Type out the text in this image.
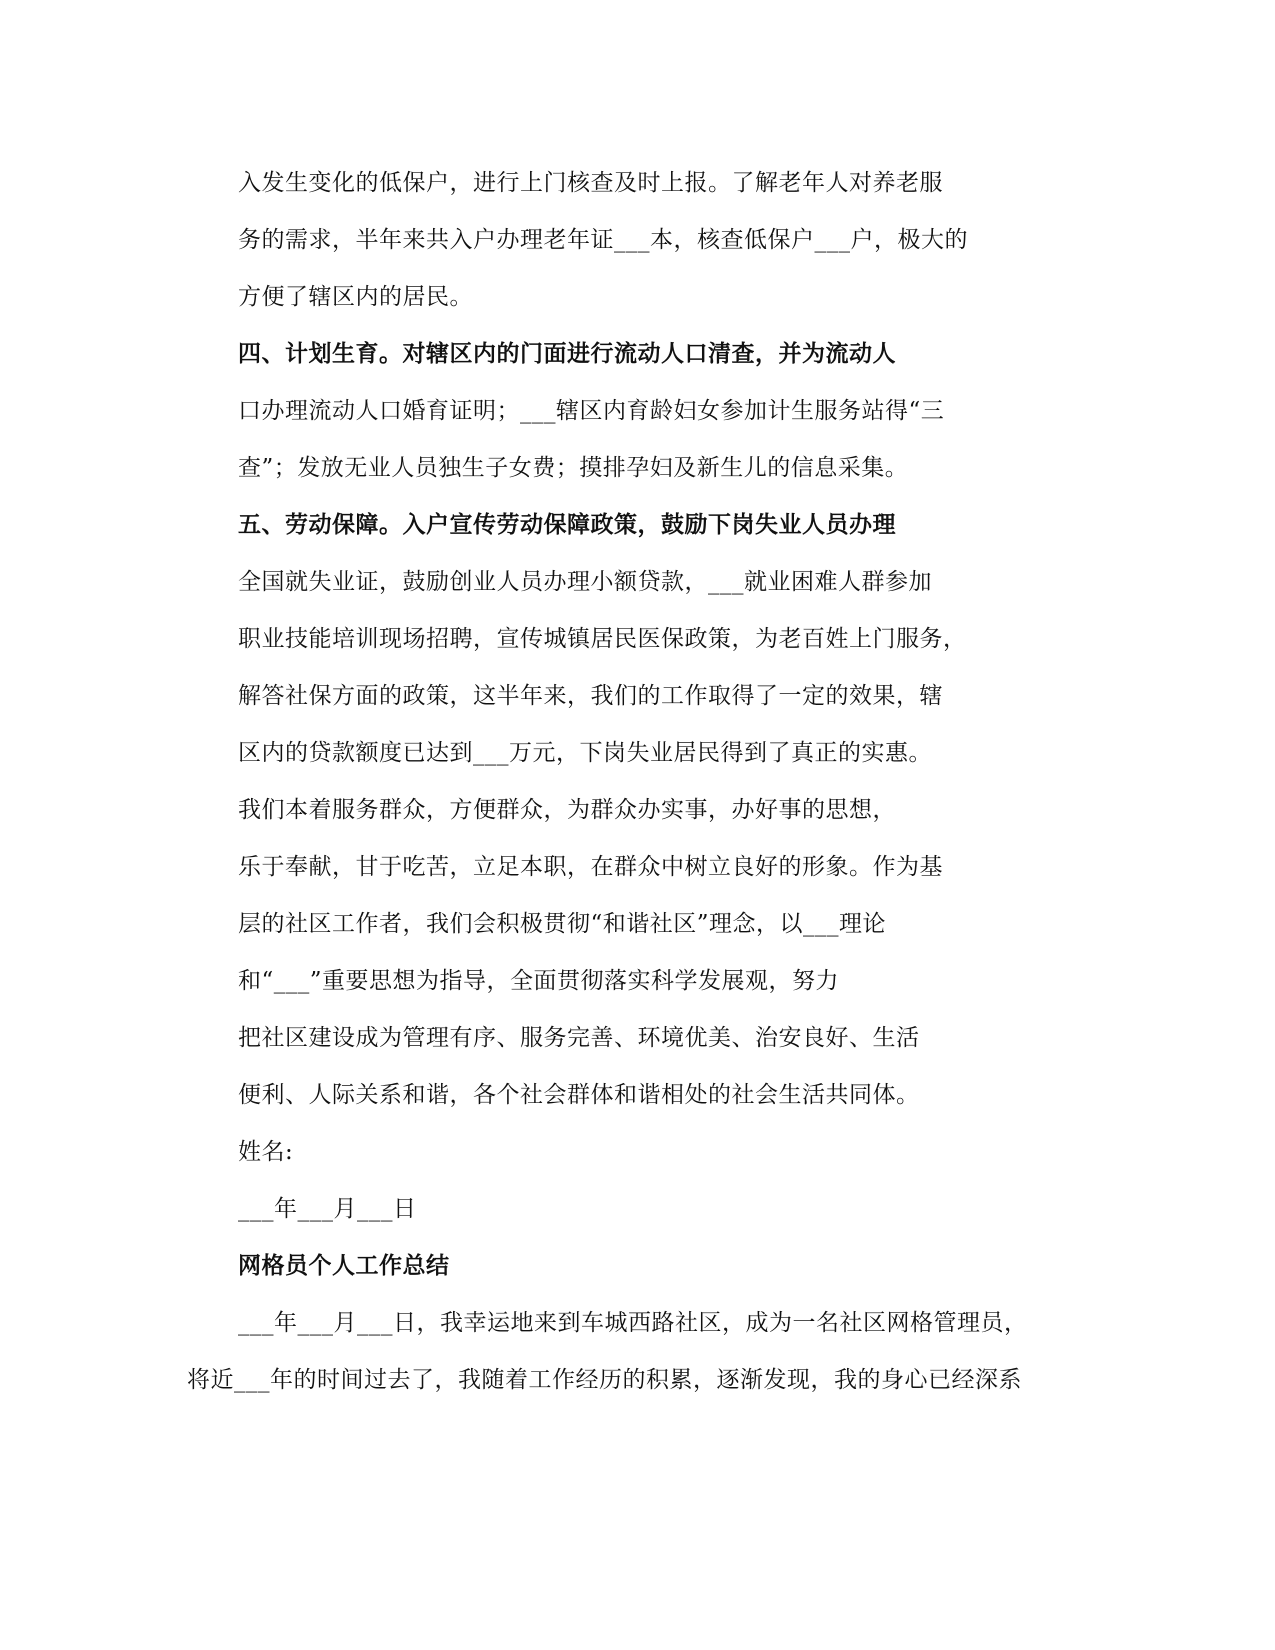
入发生变化的低保户，进行上门核查及时上报。了解老年人对养老服
务的需求，半年来共入户办理老年证___本，核查低保户___户，极大的
方便了辖区内的居民。
四、计划生育。对辖区内的门面进行流动人口清查，并为流动人
口办理流动人口婚育证明；___辖区内育龄妇女参加计生服务站得“三
查”；发放无业人员独生子女费；摸排孕妇及新生儿的信息采集。
五、劳动保障。入户宣传劳动保障政策，鼓励下岗失业人员办理
全国就失业证，鼓励创业人员办理小额贷款，___就业困难人群参加
职业技能培训现场招聘，宣传城镇居民医保政策，为老百姓上门服务，
解答社保方面的政策，这半年来，我们的工作取得了一定的效果，辖
区内的贷款额度已达到___万元，下岗失业居民得到了真正的实惠。
我们本着服务群众，方便群众，为群众办实事，办好事的思想，
乐于奉献，甘于吃苦，立足本职，在群众中树立良好的形象。作为基
层的社区工作者，我们会积极贯彻“和谐社区”理念，以___理论
和“___”重要思想为指导，全面贯彻落实科学发展观，努力
把社区建设成为管理有序、服务完善、环境优美、治安良好、生活
便利、人际关系和谐，各个社会群体和谐相处的社会生活共同体。
姓名:
___年___月___日
网格员个人工作总结
___年___月___日，我幸运地来到车城西路社区，成为一名社区网格管理员，
将近___年的时间过去了，我随着工作经历的积累，逐渐发现，我的身心已经深系
